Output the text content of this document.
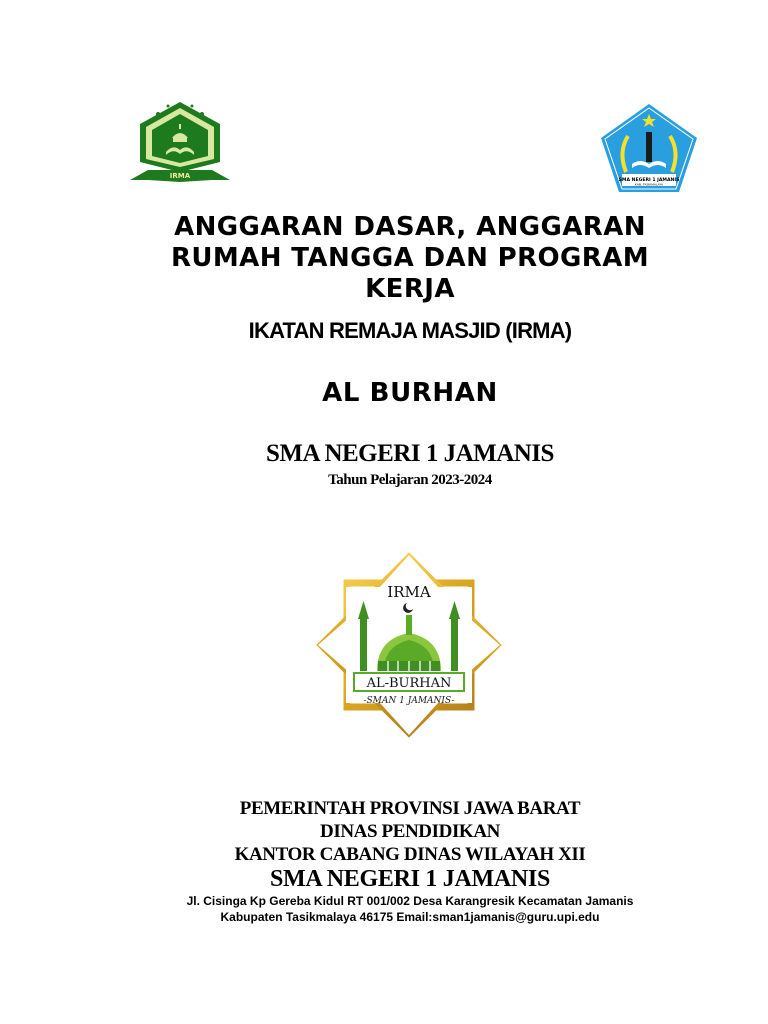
IRMA
SMA NEGERI 1 JAMANIS
KAB. TASIKMALAYA
ANGGARAN DASAR, ANGGARAN
RUMAH TANGGA DAN PROGRAM
KERJA
IKATAN REMAJA MASJID (IRMA)
AL BURHAN
SMA NEGERI 1 JAMANIS
Tahun Pelajaran 2023-2024
IRMA
AL-BURHAN
-SMAN 1 JAMANIS-
PEMERINTAH PROVINSI JAWA BARAT
DINAS PENDIDIKAN
KANTOR CABANG DINAS WILAYAH XII
SMA NEGERI 1 JAMANIS
Jl. Cisinga Kp Gereba Kidul RT 001/002 Desa Karangresik Kecamatan Jamanis
Kabupaten Tasikmalaya 46175 Email:sman1jamanis@guru.upi.edu
